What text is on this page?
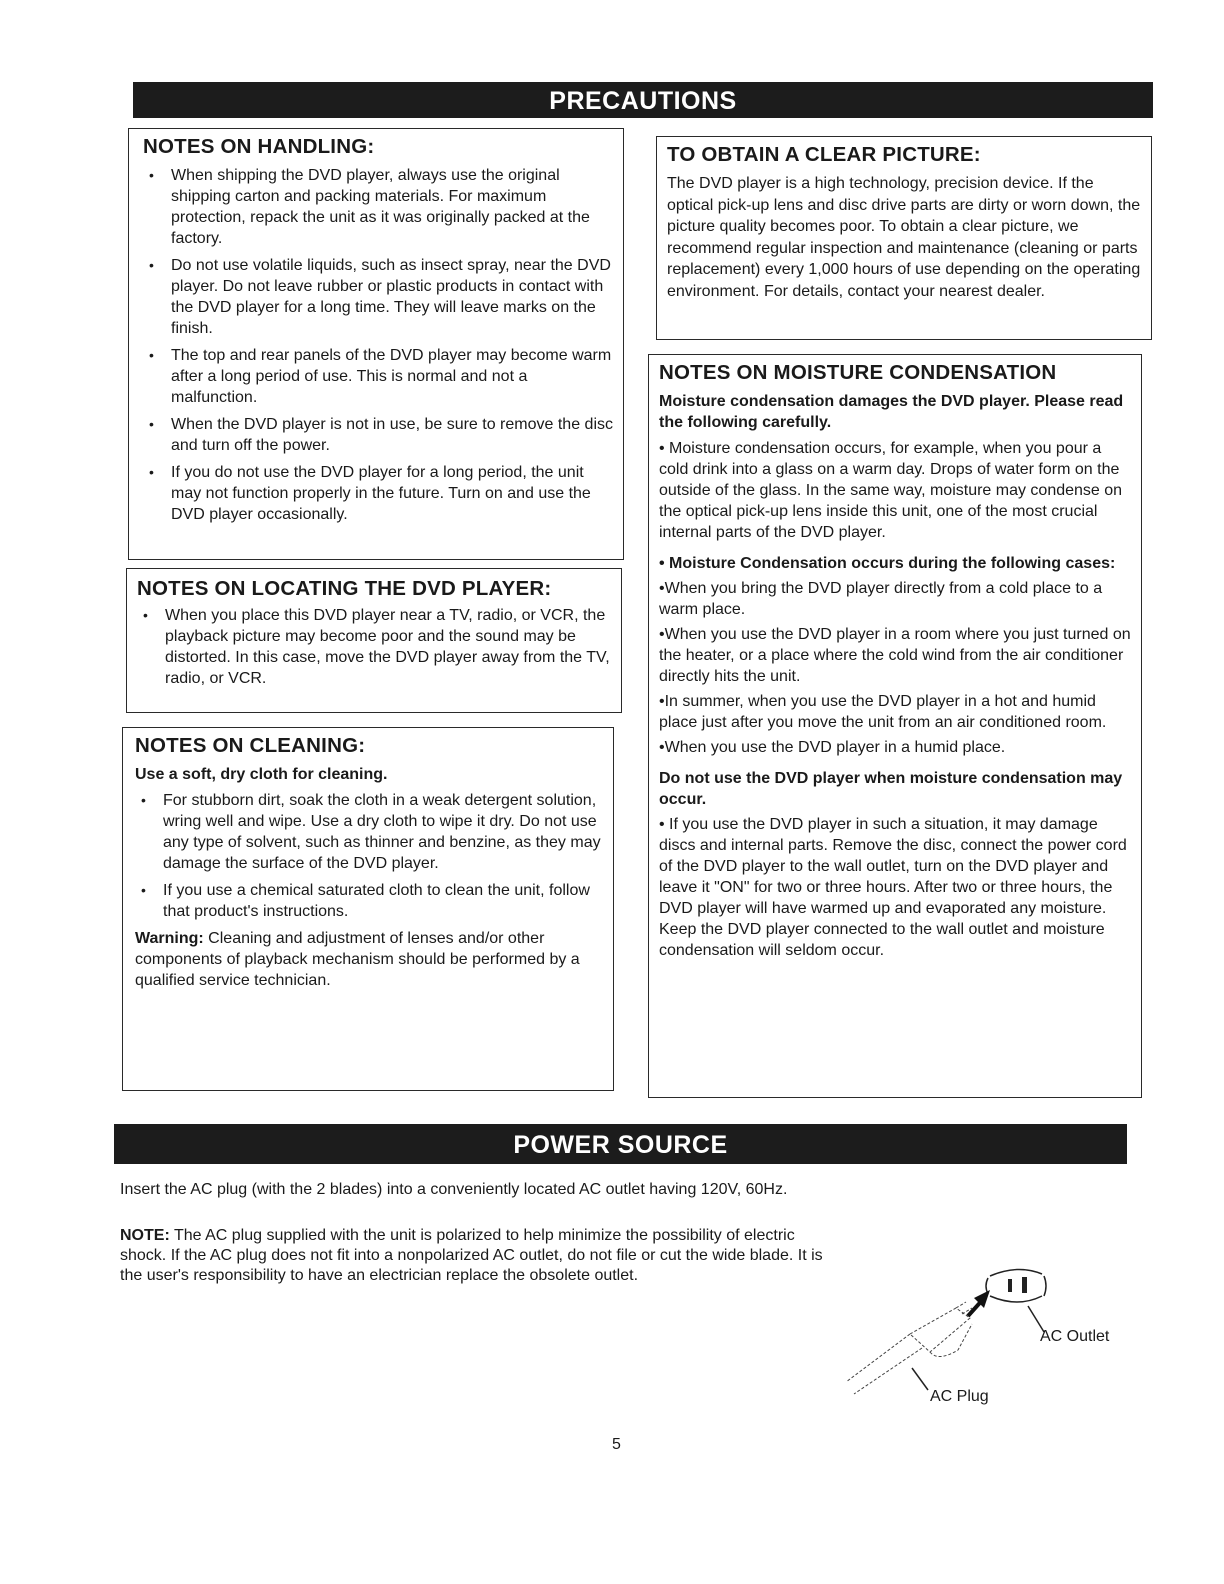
PRECAUTIONS
NOTES ON HANDLING:
• When shipping the DVD player, always use the original shipping carton and packing materials. For maximum protection, repack the unit as it was originally packed at the factory.
• Do not use volatile liquids, such as insect spray, near the DVD player. Do not leave rubber or plastic products in contact with the DVD player for a long time. They will leave marks on the finish.
• The top and rear panels of the DVD player may become warm after a long period of use. This is normal and not a malfunction.
• When the DVD player is not in use, be sure to remove the disc and turn off the power.
• If you do not use the DVD player for a long period, the unit may not function properly in the future. Turn on and use the DVD player occasionally.
NOTES ON LOCATING THE DVD PLAYER:
• When you place this DVD player near a TV, radio, or VCR, the playback picture may become poor and the sound may be distorted. In this case, move the DVD player away from the TV, radio, or VCR.
NOTES ON CLEANING:

Use a soft, dry cloth for cleaning.

• For stubborn dirt, soak the cloth in a weak detergent solution, wring well and wipe. Use a dry cloth to wipe it dry. Do not use any type of solvent, such as thinner and benzine, as they may damage the surface of the DVD player.
• If you use a chemical saturated cloth to clean the unit, follow that product's instructions.

Warning: Cleaning and adjustment of lenses and/or other components of playback mechanism should be performed by a qualified service technician.

TO OBTAIN A CLEAR PICTURE:

The DVD player is a high technology, precision device. If the optical pick-up lens and disc drive parts are dirty or worn down, the picture quality becomes poor. To obtain a clear picture, we recommend regular inspection and maintenance (cleaning or parts replacement) every 1,000 hours of use depending on the operating environment. For details, contact your nearest dealer.

NOTES ON MOISTURE CONDENSATION

Moisture condensation damages the DVD player. Please read the following carefully.

• Moisture condensation occurs, for example, when you pour a cold drink into a glass on a warm day. Drops of water form on the outside of the glass. In the same way, moisture may condense on the optical pick-up lens inside this unit, one of the most crucial internal parts of the DVD player.

• Moisture Condensation occurs during the following cases:

•When you bring the DVD player directly from a cold place to a warm place.

•When you use the DVD player in a room where you just turned on the heater, or a place where the cold wind from the air conditioner directly hits the unit.

•In summer, when you use the DVD player in a hot and humid place just after you move the unit from an air conditioned room.

•When you use the DVD player in a humid place.

Do not use the DVD player when moisture condensation may occur.

• If you use the DVD player in such a situation, it may damage discs and internal parts. Remove the disc, connect the power cord of the DVD player to the wall outlet, turn on the DVD player and leave it "ON" for two or three hours. After two or three hours, the DVD player will have warmed up and evaporated any moisture. Keep the DVD player connected to the wall outlet and moisture condensation will seldom occur.

POWER SOURCE

Insert the AC plug (with the 2 blades) into a conveniently located AC outlet having 120V, 60Hz.

NOTE: The AC plug supplied with the unit is polarized to help minimize the possibility of electric shock. If the AC plug does not fit into a nonpolarized AC outlet, do not file or cut the wide blade. It is the user's responsibility to have an electrician replace the obsolete outlet.

AC Outlet
AC Plug
5
